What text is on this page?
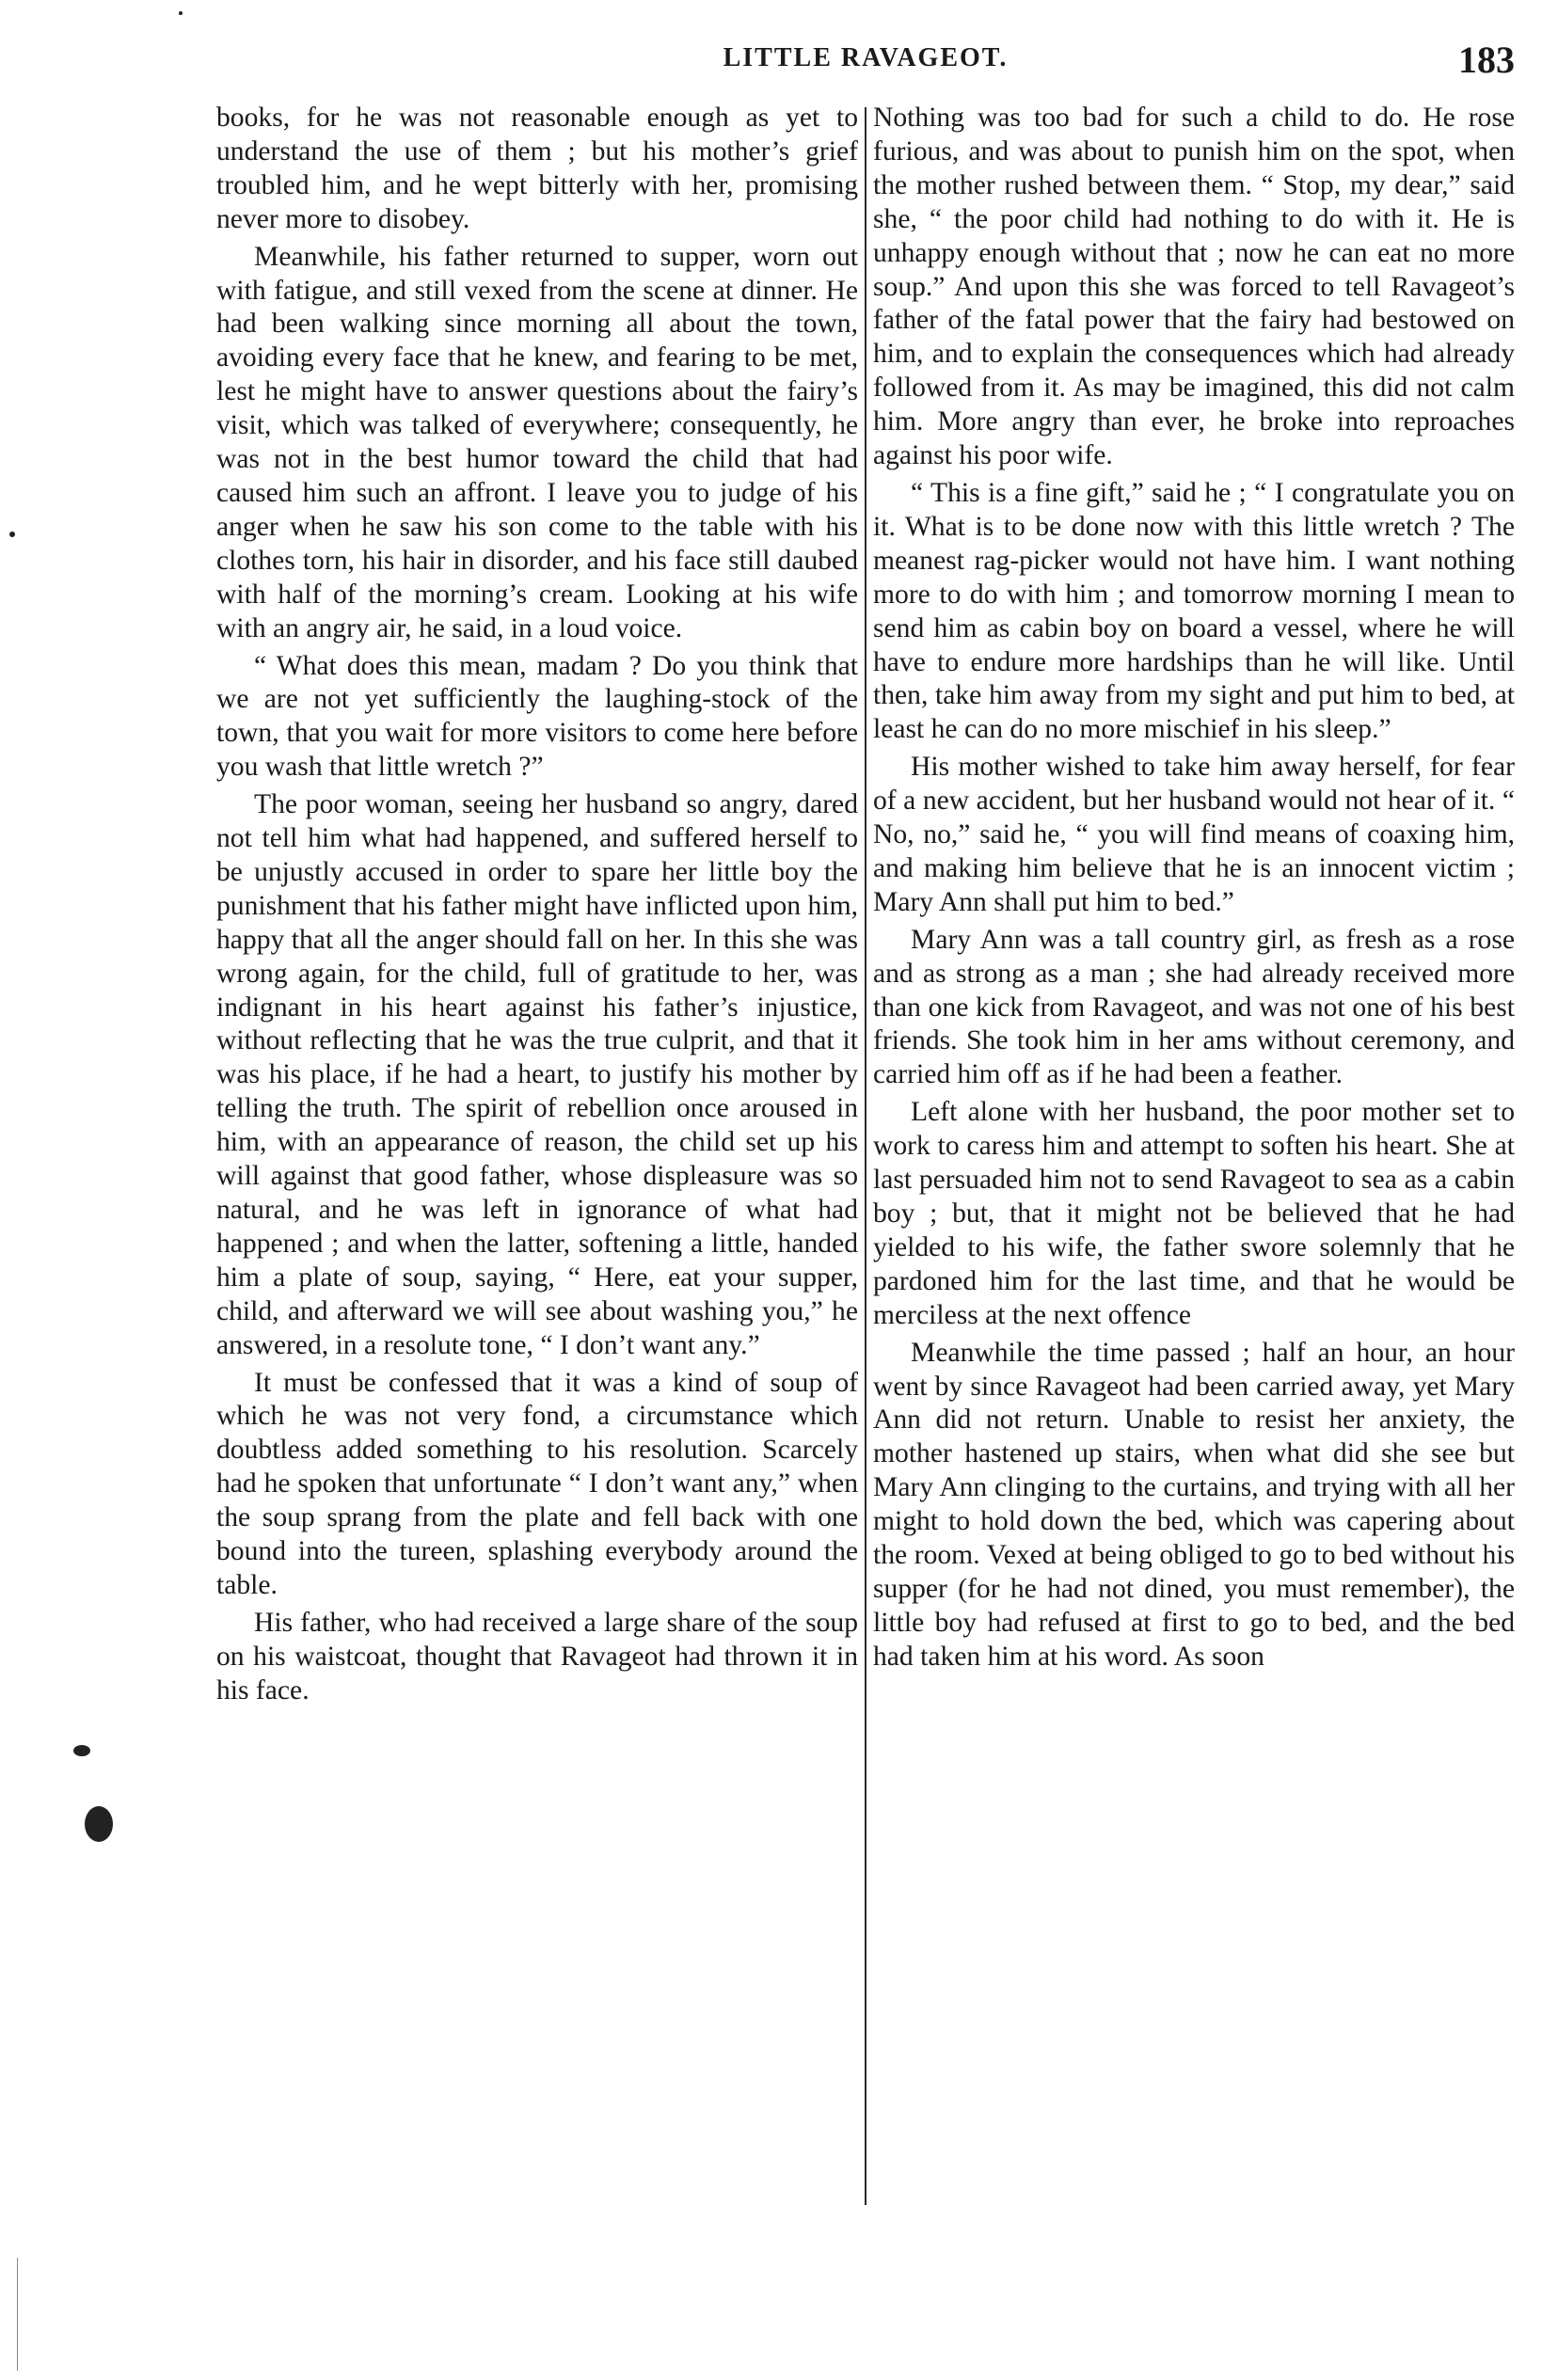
LITTLE RAVAGEOT.	183

books, for he was not reasonable enough as yet to understand the use of them ; but his mother’s grief troubled him, and he wept bitterly with her, promising never more to disobey.

Meanwhile, his father returned to supper, worn out with fatigue, and still vexed from the scene at dinner. He had been walking since morning all about the town, avoiding every face that he knew, and fearing to be met, lest he might have to answer questions about the fairy’s visit, which was talked of everywhere; consequently, he was not in the best humor toward the child that had caused him such an affront. I leave you to judge of his anger when he saw his son come to the table with his clothes torn, his hair in disorder, and his face still daubed with half of the morning’s cream. Looking at his wife with an angry air, he said, in a loud voice.

“ What does this mean, madam ? Do you think that we are not yet sufficiently the laughing-stock of the town, that you wait for more visitors to come here before you wash that little wretch ?”

The poor woman, seeing her husband so angry, dared not tell him what had happened, and suffered herself to be unjustly accused in order to spare her little boy the punishment that his father might have inflicted upon him, happy that all the anger should fall on her. In this she was wrong again, for the child, full of gratitude to her, was indignant in his heart against his father’s injustice, without reflecting that he was the true culprit, and that it was his place, if he had a heart, to justify his mother by telling the truth. The spirit of rebellion once aroused in him, with an appearance of reason, the child set up his will against that good father, whose displeasure was so natural, and he was left in ignorance of what had happened ; and when the latter, softening a little, handed him a plate of soup, saying, “ Here, eat your supper, child, and afterward we will see about washing you,” he answered, in a resolute tone, “ I don’t want any.”

It must be confessed that it was a kind of soup of which he was not very fond, a circumstance which doubtless added something to his resolution. Scarcely had he spoken that unfortunate “ I don’t want any,” when the soup sprang from the plate and fell back with one bound into the tureen, splashing everybody around the table.

His father, who had received a large share of the soup on his waistcoat, thought that Ravageot had thrown it in his face.

Nothing was too bad for such a child to do. He rose furious, and was about to punish him on the spot, when the mother rushed between them. “ Stop, my dear,” said she, “ the poor child had nothing to do with it. He is unhappy enough without that ; now he can eat no more soup.” And upon this she was forced to tell Ravageot’s father of the fatal power that the fairy had bestowed on him, and to explain the consequences which had already followed from it. As may be imagined, this did not calm him. More angry than ever, he broke into reproaches against his poor wife.

“ This is a fine gift,” said he ; “ I congratulate you on it. What is to be done now with this little wretch ? The meanest rag-picker would not have him. I want nothing more to do with him ; and tomorrow morning I mean to send him as cabin boy on board a vessel, where he will have to endure more hardships than he will like. Until then, take him away from my sight and put him to bed, at least he can do no more mischief in his sleep.”

His mother wished to take him away herself, for fear of a new accident, but her husband would not hear of it. “ No, no,” said he, “ you will find means of coaxing him, and making him believe that he is an innocent victim ; Mary Ann shall put him to bed.”

Mary Ann was a tall country girl, as fresh as a rose and as strong as a man ; she had already received more than one kick from Ravageot, and was not one of his best friends. She took him in her ams without ceremony, and carried him off as if he had been a feather.

Left alone with her husband, the poor mother set to work to caress him and attempt to soften his heart. She at last persuaded him not to send Ravageot to sea as a cabin boy ; but, that it might not be believed that he had yielded to his wife, the father swore solemnly that he pardoned him for the last time, and that he would be merciless at the next offence

Meanwhile the time passed ; half an hour, an hour went by since Ravageot had been carried away, yet Mary Ann did not return. Unable to resist her anxiety, the mother hastened up stairs, when what did she see but Mary Ann clinging to the curtains, and trying with all her might to hold down the bed, which was capering about the room. Vexed at being obliged to go to bed without his supper (for he had not dined, you must remember), the little boy had refused at first to go to bed, and the bed had taken him at his word. As soon
